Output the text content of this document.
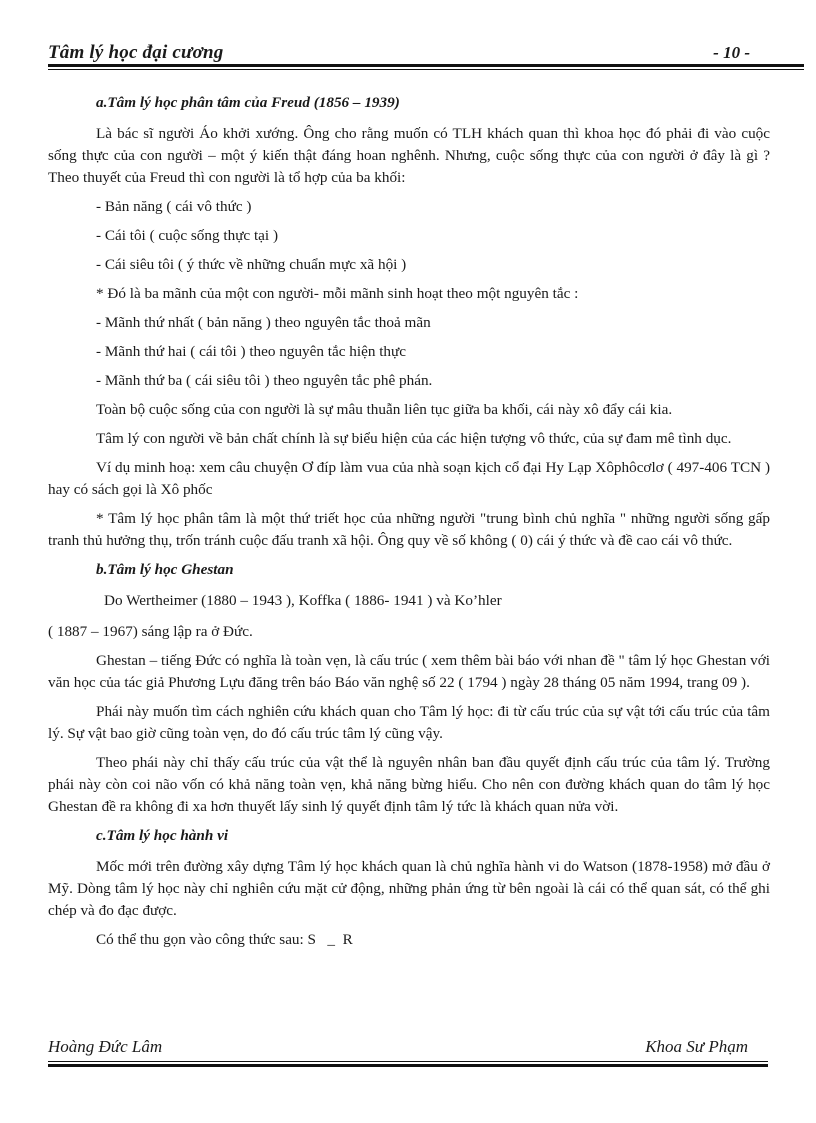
Tâm lý học đại cương	- 10 -

a.Tâm lý học phân tâm của Freud (1856 – 1939)

Là bác sĩ người Áo khởi xướng. Ông cho rằng muốn có TLH khách quan thì khoa học đó phải đi vào cuộc sống thực của con người – một ý kiến thật đáng hoan nghênh. Nhưng, cuộc sống thực của con người ở đây là gì ? Theo thuyết của Freud thì con người là tổ hợp của ba khối:

- Bản năng ( cái vô thức )

- Cái tôi ( cuộc sống thực tại )

- Cái siêu tôi ( ý thức về những chuẩn mực xã hội )

* Đó là ba mãnh của một con người- mỗi mãnh sinh hoạt theo một nguyên tắc :

- Mãnh thứ nhất ( bản năng ) theo nguyên tắc thoả mãn

- Mãnh thứ hai ( cái tôi ) theo nguyên tắc hiện thực

- Mãnh thứ ba ( cái siêu tôi ) theo nguyên tắc phê phán.

Toàn bộ cuộc sống của con người là sự mâu thuẫn liên tục giữa ba khối, cái này xô đẩy cái kia.

Tâm lý con người về bản chất chính là sự biểu hiện của các hiện tượng vô thức, của sự đam mê tình dục.

Ví dụ minh hoạ: xem câu chuyện Ơ đíp làm vua của nhà soạn kịch cổ đại Hy Lạp Xôphôcơlơ ( 497-406 TCN ) hay có sách gọi là Xô phốc

* Tâm lý học phân tâm là một thứ triết học của những người "trung bình chủ nghĩa " những người sống gấp tranh thủ hưởng thụ, trốn tránh cuộc đấu tranh xã hội. Ông quy về số không ( 0) cái ý thức và đề cao cái vô thức.

b.Tâm lý học Ghestan

Do Wertheimer (1880 – 1943 ), Koffka ( 1886- 1941 ) và Ko’hler

( 1887 – 1967) sáng lập ra ở Đức.

Ghestan – tiếng Đức có nghĩa là toàn vẹn, là cấu trúc ( xem thêm bài báo với nhan đề " tâm lý học Ghestan với văn học của tác giả Phương Lựu đăng trên báo Báo văn nghệ số 22 ( 1794 ) ngày 28 tháng 05 năm 1994, trang 09 ).

Phái này muốn tìm cách nghiên cứu khách quan cho Tâm lý học: đi từ cấu trúc của sự vật tới cấu trúc của tâm lý. Sự vật bao giờ cũng toàn vẹn, do đó cấu trúc tâm lý cũng vậy.

Theo phái này chỉ thấy cấu trúc của vật thể là nguyên nhân ban đầu quyết định cấu trúc của tâm lý. Trường phái này còn coi não vốn có khả năng toàn vẹn, khả năng bừng hiểu. Cho nên con đường khách quan do tâm lý học Ghestan đề ra không đi xa hơn thuyết lấy sinh lý quyết định tâm lý tức là khách quan nửa vời.

c.Tâm lý học hành vi

Mốc mới trên đường xây dựng Tâm lý học khách quan là chủ nghĩa hành vi do Watson (1878-1958) mở đầu ở Mỹ. Dòng tâm lý học này chỉ nghiên cứu mặt cử động, những phản ứng từ bên ngoài là cái có thể quan sát, có thể ghi chép và đo đạc được.

Có thể thu gọn vào công thức sau: S   _  R

Hoàng Đức Lâm	Khoa Sư Phạm
